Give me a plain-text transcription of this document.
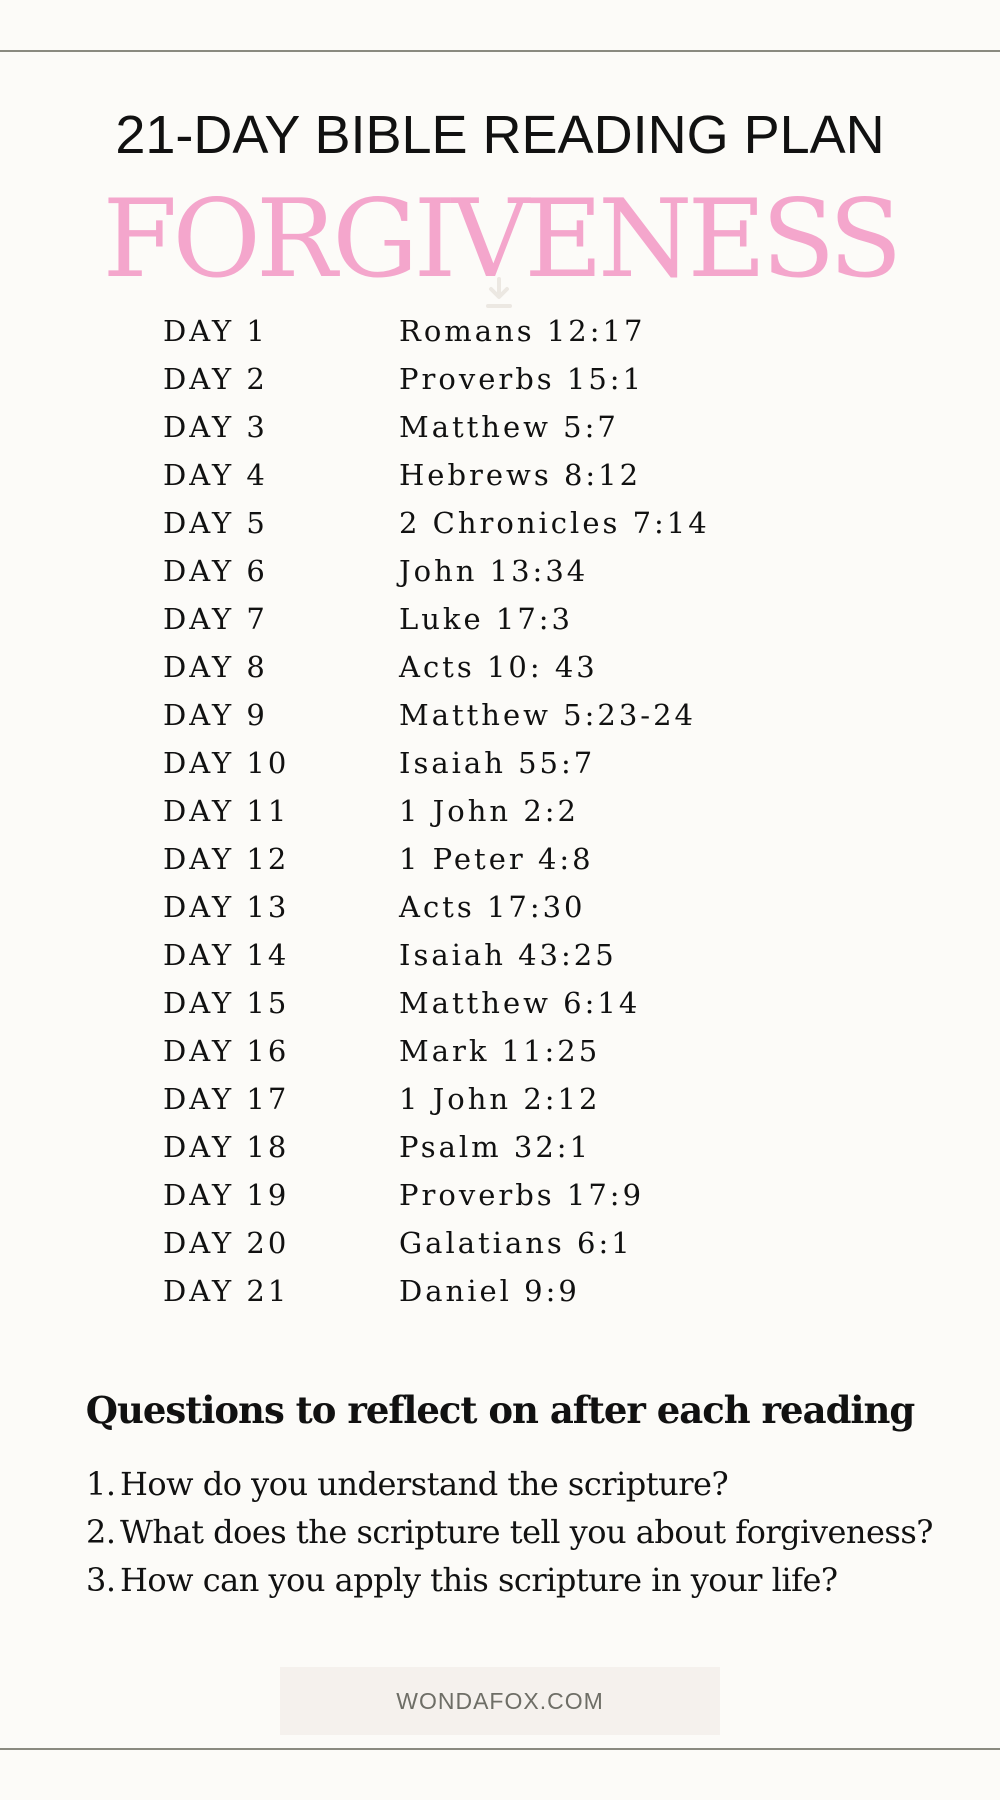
21-DAY BIBLE READING PLAN
FORGIVENESS
DAY 1	Romans 12:17
DAY 2	Proverbs 15:1
DAY 3	Matthew 5:7
DAY 4	Hebrews 8:12
DAY 5	2 Chronicles 7:14
DAY 6	John 13:34
DAY 7	Luke 17:3
DAY 8	Acts 10: 43
DAY 9	Matthew 5:23-24
DAY 10	Isaiah 55:7
DAY 11	1 John 2:2
DAY 12	1 Peter 4:8
DAY 13	Acts 17:30
DAY 14	Isaiah 43:25
DAY 15	Matthew 6:14
DAY 16	Mark 11:25
DAY 17	1 John 2:12
DAY 18	Psalm 32:1
DAY 19	Proverbs 17:9
DAY 20	Galatians 6:1
DAY 21	Daniel 9:9
Questions to reflect on after each reading
1. How do you understand the scripture?
2. What does the scripture tell you about forgiveness?
3. How can you apply this scripture in your life?
WONDAFOX.COM
